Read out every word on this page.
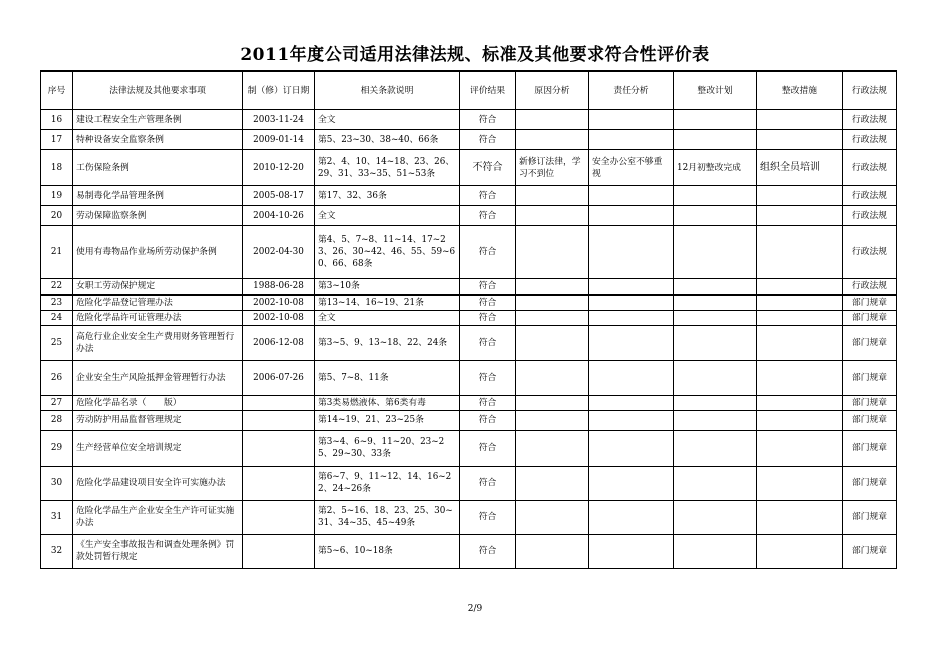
2011年度公司适用法律法规、标准及其他要求符合性评价表
序号	法律法规及其他要求事项	制（修）订日期	相关条款说明	评价结果	原因分析	责任分析	整改计划	整改措施	行政法规
16	建设工程安全生产管理条例	2003-11-24	全文	符合					行政法规
17	特种设备安全监察条例	2009-01-14	第5、23~30、38~40、66条	符合					行政法规
18	工伤保险条例	2010-12-20	第2、4、10、14~18、23、26、29、31、33~35、51~53条	不符合	新修订法律，学习不到位	安全办公室不够重视	12月初整改完成	组织全员培训	行政法规
19	易制毒化学品管理条例	2005-08-17	第17、32、36条	符合					行政法规
20	劳动保障监察条例	2004-10-26	全文	符合					行政法规
21	使用有毒物品作业场所劳动保护条例	2002-04-30	第4、5、7~8、11~14、17~23、26、30~42、46、55、59~60、66、68条	符合					行政法规
22	女职工劳动保护规定	1988-06-28	第3~10条	符合					行政法规
23	危险化学品登记管理办法	2002-10-08	第13~14、16~19、21条	符合					部门规章
24	危险化学品许可证管理办法	2002-10-08	全文	符合					部门规章
25	高危行业企业安全生产费用财务管理暂行办法	2006-12-08	第3~5、9、13~18、22、24条	符合					部门规章
26	企业安全生产风险抵押金管理暂行办法	2006-07-26	第5、7~8、11条	符合					部门规章
27	危险化学品名录（　　版）		第3类易燃液体、第6类有毒	符合					部门规章
28	劳动防护用品监督管理规定		第14~19、21、23~25条	符合					部门规章
29	生产经营单位安全培训规定		第3~4、6~9、11~20、23~25、29~30、33条	符合					部门规章
30	危险化学品建设项目安全许可实施办法		第6~7、9、11~12、14、16~22、24~26条	符合					部门规章
31	危险化学品生产企业安全生产许可证实施办法		第2、5~16、18、23、25、30~31、34~35、45~49条	符合					部门规章
32	《生产安全事故报告和调查处理条例》罚款处罚暂行规定		第5~6、10~18条	符合					部门规章
2/9
